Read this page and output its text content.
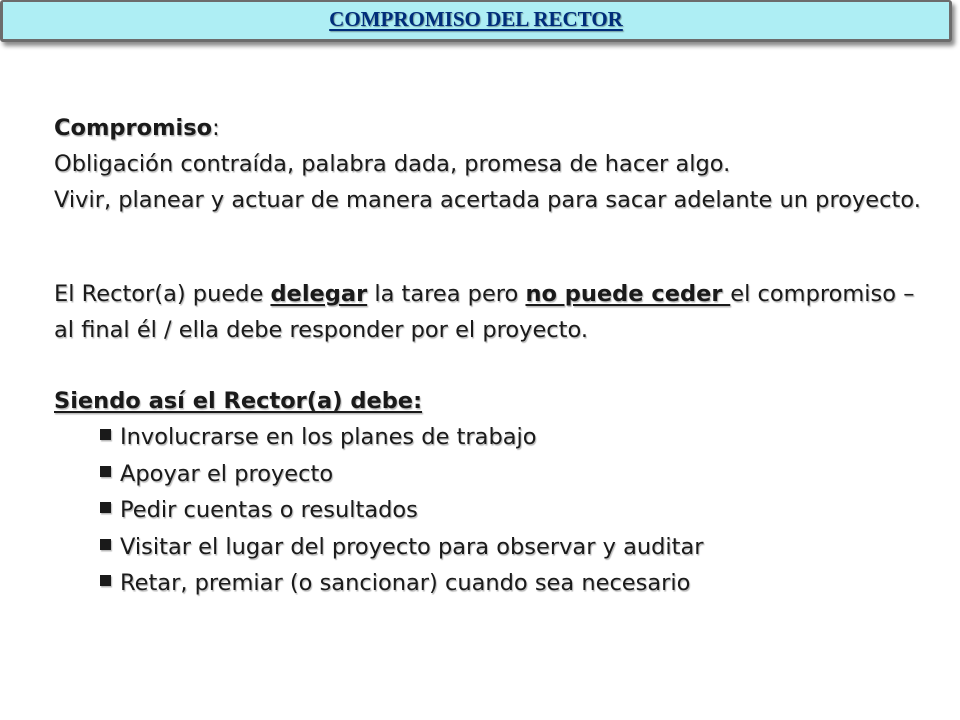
COMPROMISO DEL RECTOR

Compromiso:

Obligación contraída, palabra dada, promesa de hacer algo.

Vivir, planear y actuar de manera acertada para sacar adelante un proyecto.

El Rector(a) puede delegar la tarea pero no puede ceder el compromiso – al final él / ella debe responder por el proyecto.

Siendo así el Rector(a) debe:

Involucrarse en los planes de trabajo
Apoyar el proyecto
Pedir cuentas o resultados
Visitar el lugar del proyecto para observar y auditar
Retar, premiar (o sancionar) cuando sea necesario
